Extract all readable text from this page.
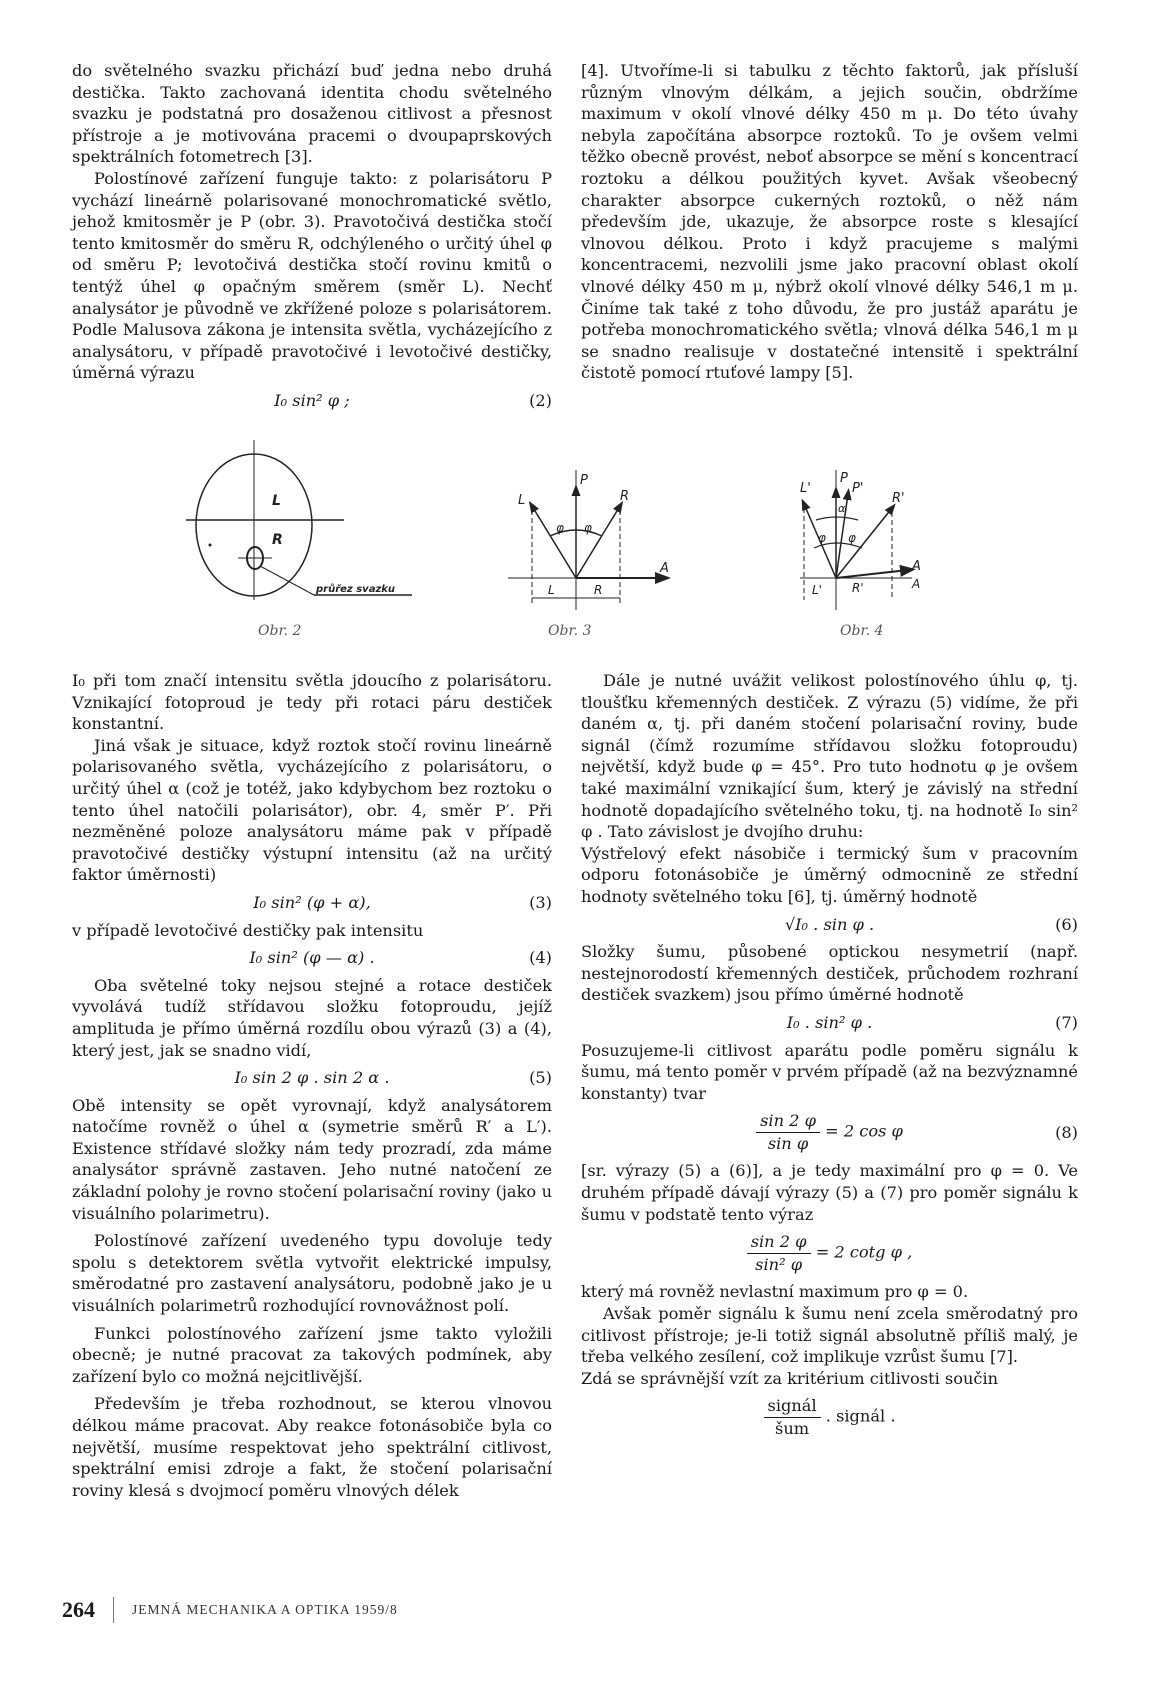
do světelného svazku přichází buď jedna nebo druhá destička. Takto zachovaná identita chodu světelného svazku je podstatná pro dosaženou citlivost a přesnost přístroje a je motivována pracemi o dvoupaprskových spektrálních fotometrech [3].

Polostínové zařízení funguje takto: z polarisátoru P vychází lineárně polarisované monochromatické světlo, jehož kmitosměr je P (obr. 3). Pravotočivá destička stočí tento kmitosměr do směru R, odchýleného o určitý úhel φ od směru P; levotočivá destička stočí rovinu kmitů o tentýž úhel φ opačným směrem (směr L). Nechť analysátor je původně ve zkřížené poloze s polarisátorem. Podle Malusova zákona je intensita světla, vycházejícího z analysátoru, v případě pravotočivé i levotočivé destičky, úměrná výrazu

I₀ sin² φ ;	(2)

[4]. Utvoříme-li si tabulku z těchto faktorů, jak přísluší různým vlnovým délkám, a jejich součin, obdržíme maximum v okolí vlnové délky 450 m μ. Do této úvahy nebyla započítána absorpce roztoků. To je ovšem velmi těžko obecně provést, neboť absorpce se mění s koncentrací roztoku a délkou použitých kyvet. Avšak všeobecný charakter absorpce cukerných roztoků, o něž nám především jde, ukazuje, že absorpce roste s klesající vlnovou délkou. Proto i když pracujeme s malými koncentracemi, nezvolili jsme jako pracovní oblast okolí vlnové délky 450 m μ, nýbrž okolí vlnové délky 546,1 m μ. Činíme tak také z toho důvodu, že pro justáž aparátu je potřeba monochromatického světla; vlnová délka 546,1 m μ se snadno realisuje v dostatečné intensitě i spektrální čistotě pomocí rtuťové lampy [5].

L
R
průřez svazku
P
L	R
A
φ φ
L	R
P
P'
L'
R'
α
φ φ
A
A
L'	R'
Obr. 2	Obr. 3	Obr. 4

I₀ při tom značí intensitu světla jdoucího z polarisátoru. Vznikající fotoproud je tedy při rotaci páru destiček konstantní.

Jiná však je situace, když roztok stočí rovinu lineárně polarisovaného světla, vycházejícího z polarisátoru, o určitý úhel α (což je totéž, jako kdybychom bez roztoku o tento úhel natočili polarisátor), obr. 4, směr P′. Při nezměněné poloze analysátoru máme pak v případě pravotočivé destičky výstupní intensitu (až na určitý faktor úměrnosti)

I₀ sin² (φ + α),	(3)

v případě levotočivé destičky pak intensitu

I₀ sin² (φ — α) .	(4)

Oba světelné toky nejsou stejné a rotace destiček vyvolává tudíž střídavou složku fotoproudu, jejíž amplituda je přímo úměrná rozdílu obou výrazů (3) a (4), který jest, jak se snadno vidí,

I₀ sin 2 φ . sin 2 α .	(5)

Obě intensity se opět vyrovnají, když analysátorem natočíme rovněž o úhel α (symetrie směrů R′ a L′). Existence střídavé složky nám tedy prozradí, zda máme analysátor správně zastaven. Jeho nutné natočení ze základní polohy je rovno stočení polarisační roviny (jako u visuálního polarimetru).

Polostínové zařízení uvedeného typu dovoluje tedy spolu s detektorem světla vytvořit elektrické impulsy, směrodatné pro zastavení analysátoru, podobně jako je u visuálních polarimetrů rozhodující rovnovážnost polí.

Funkci polostínového zařízení jsme takto vyložili obecně; je nutné pracovat za takových podmínek, aby zařízení bylo co možná nejcitlivější.

Především je třeba rozhodnout, se kterou vlnovou délkou máme pracovat. Aby reakce fotonásobiče byla co největší, musíme respektovat jeho spektrální citlivost, spektrální emisi zdroje a fakt, že stočení polarisační roviny klesá s dvojmocí poměru vlnových délek

Dále je nutné uvážit velikost polostínového úhlu φ, tj. tloušťku křemenných destiček. Z výrazu (5) vidíme, že při daném α, tj. při daném stočení polarisační roviny, bude signál (čímž rozumíme střídavou složku fotoproudu) největší, když bude φ = 45°. Pro tuto hodnotu φ je ovšem také maximální vznikající šum, který je závislý na střední hodnotě dopadajícího světelného toku, tj. na hodnotě I₀ sin² φ . Tato závislost je dvojího druhu:

Výstřelový efekt násobiče i termický šum v pracovním odporu fotonásobiče je úměrný odmocnině ze střední hodnoty světelného toku [6], tj. úměrný hodnotě

√I₀ . sin φ .	(6)

Složky šumu, působené optickou nesymetrií (např. nestejnorodostí křemenných destiček, průchodem rozhraní destiček svazkem) jsou přímo úměrné hodnotě

I₀ . sin² φ .	(7)

Posuzujeme-li citlivost aparátu podle poměru signálu k šumu, má tento poměr v prvém případě (až na bezvýznamné konstanty) tvar

$\frac{\sin 2 \varphi}{\text{sin φ}} = 2$ cos φ	(8)

[sr. výrazy (5) a (6)], a je tedy maximální pro φ = 0. Ve druhém případě dávají výrazy (5) a (7) pro poměr signálu k šumu v podstatě tento výraz

$\frac{\sin 2 \varphi}{\text{sin² φ}} = 2$ cotg φ ,

který má rovněž nevlastní maximum pro φ = 0.

Avšak poměr signálu k šumu není zcela směrodatný pro citlivost přístroje; je-li totiž signál absolutně příliš malý, je třeba velkého zesílení, což implikuje vzrůst šumu [7].

Zdá se správnější vzít za kritérium citlivosti součin

$\frac{\text{signál}}{\text{šum}}$ . signál .
264	JEMNÁ MECHANIKA A OPTIKA 1959/8
